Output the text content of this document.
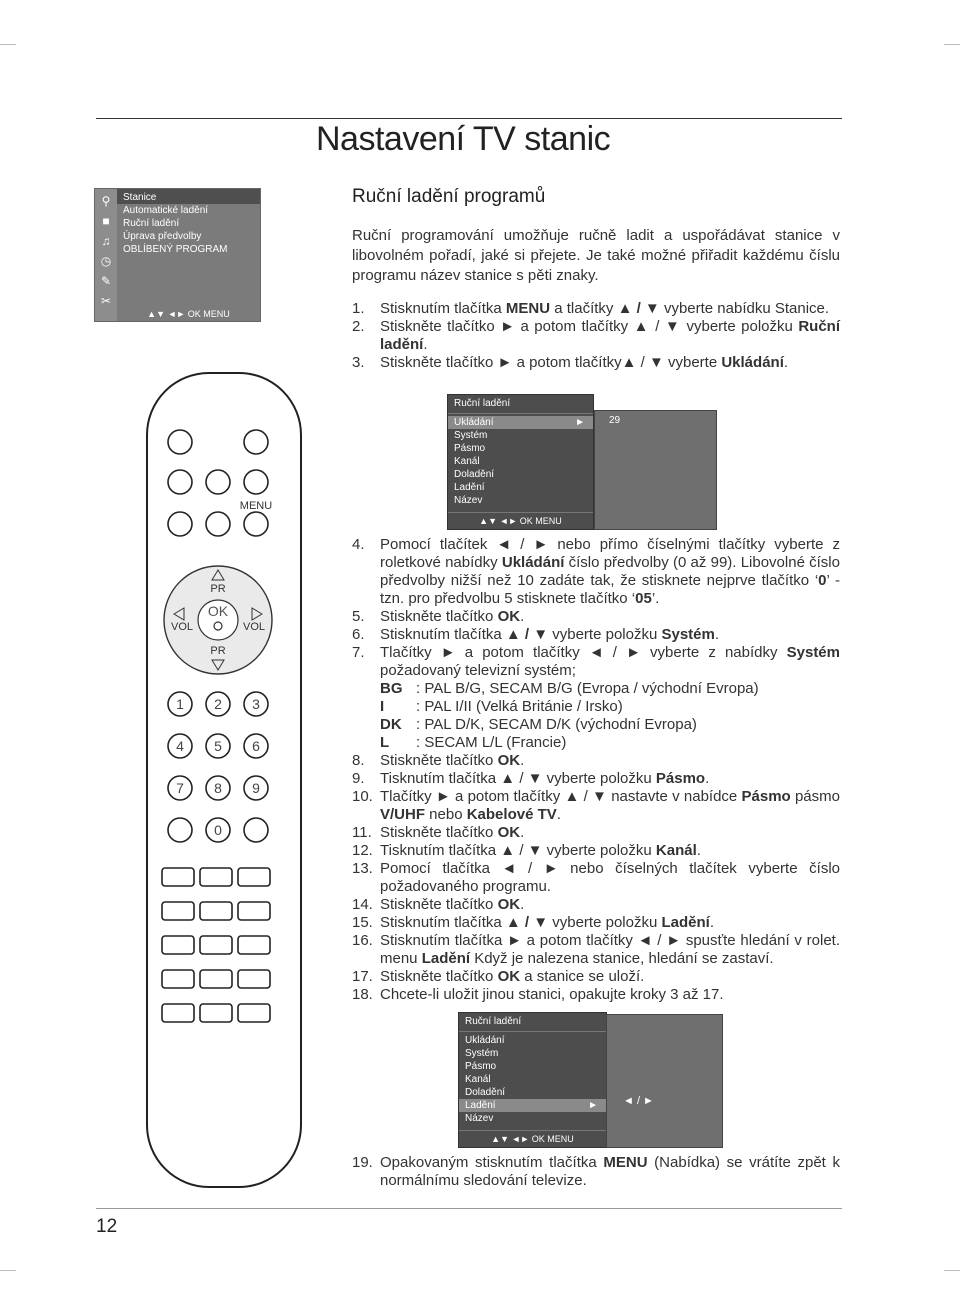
Nastavení TV stanic
⚲
■
♫
◷
✎
✂
Stanice
Automatické ladění
Ruční ladění
Úprava předvolby
OBLÍBENÝ PROGRAM
▲▼ ◄► OK MENU
Ruční ladění programů
Ruční programování umožňuje ručně ladit a uspořádávat stanice v libovolném pořadí, jaké si přejete. Je také možné přiřadit každému číslu programu název stanice s pěti znaky.
1.	Stisknutím tlačítka MENU a tlačítky ▲ / ▼ vyberte nabídku Stanice.
2.	Stiskněte tlačítko ► a potom tlačítky ▲ / ▼ vyberte položku Ruční ladění.
3.	Stiskněte tlačítko ► a potom tlačítky▲ / ▼ vyberte Ukládání.
Ruční ladění
Ukládání	►
Systém
Pásmo
Kanál
Doladění
Ladění
Název
▲▼ ◄► OK MENU
29
4.	Pomocí tlačítek ◄ / ► nebo přímo číselnými tlačítky vyberte z roletkové nabídky Ukládání číslo předvolby (0 až 99). Libovolné číslo předvolby nižší než 10 zadáte tak, že stisknete nejprve tlačítko ‘0’ - tzn. pro předvolbu 5 stisknete tlačítko ‘05’.
5.	Stiskněte tlačítko OK.
6.	Stisknutím tlačítka ▲ / ▼ vyberte položku Systém.
7.	Tlačítky ► a potom tlačítky ◄ / ► vyberte z nabídky Systém požadovaný televizní systém;
BG : PAL B/G, SECAM B/G (Evropa / východní Evropa)
I	: PAL I/II (Velká Británie / Irsko)
DK : PAL D/K, SECAM D/K (východní Evropa)
L	: SECAM L/L (Francie)
8.	Stiskněte tlačítko OK.
9.	Tisknutím tlačítka ▲ / ▼ vyberte položku Pásmo.
10. Tlačítky ► a potom tlačítky ▲ / ▼ nastavte v nabídce Pásmo pásmo V/UHF nebo Kabelové TV.
11. Stiskněte tlačítko OK.
12. Tisknutím tlačítka ▲ / ▼ vyberte položku Kanál.
13. Pomocí tlačítka ◄ / ► nebo číselných tlačítek vyberte číslo požadovaného programu.
14. Stiskněte tlačítko OK.
15. Stisknutím tlačítka ▲ / ▼ vyberte položku Ladění.
16. Stisknutím tlačítka ► a potom tlačítky ◄ / ► spusťte hledání v rolet. menu Ladění Když je nalezena stanice, hledání se zastaví.
17. Stiskněte tlačítko OK a stanice se uloží.
18. Chcete-li uložit jinou stanici, opakujte kroky 3 až 17.
Ruční ladění
Ukládání
Systém
Pásmo
Kanál
Doladění
Ladění	►
Název
▲▼ ◄► OK MENU
◄ / ►
19. Opakovaným stisknutím tlačítka MENU (Nabídka) se vrátíte zpět k normálnímu sledování televize.
MENU
OK
PR
PR
VOL	VOL
1 2 3
4 5 6
7 8 9
0
12
